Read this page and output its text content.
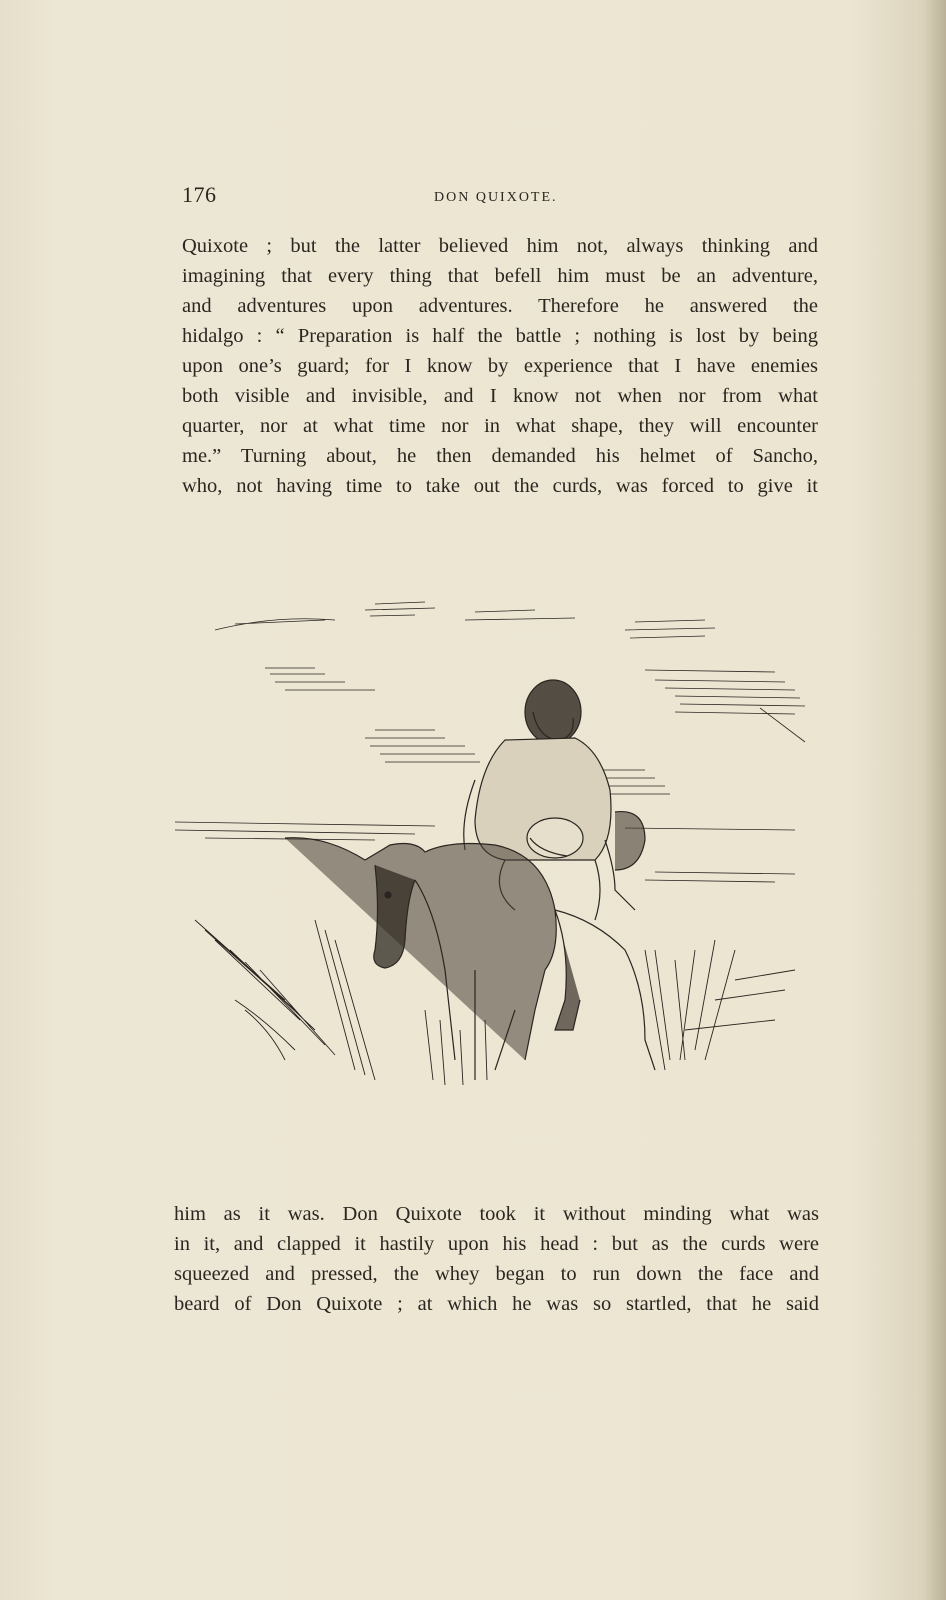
176	DON QUIXOTE.
Quixote ; but the latter believed him not, always thinking and
imagining that every thing that befell him must be an adventure,
and adventures upon adventures. Therefore he answered the
hidalgo : “ Preparation is half the battle ; nothing is lost by being
upon one’s guard; for I know by experience that I have enemies
both visible and invisible, and I know not when nor from what
quarter, nor at what time nor in what shape, they will encounter
me.” Turning about, he then demanded his helmet of Sancho,
who, not having time to take out the curds, was forced to give it
him as it was. Don Quixote took it without minding what was
in it, and clapped it hastily upon his head : but as the curds were
squeezed and pressed, the whey began to run down the face and
beard of Don Quixote ; at which he was so startled, that he said
